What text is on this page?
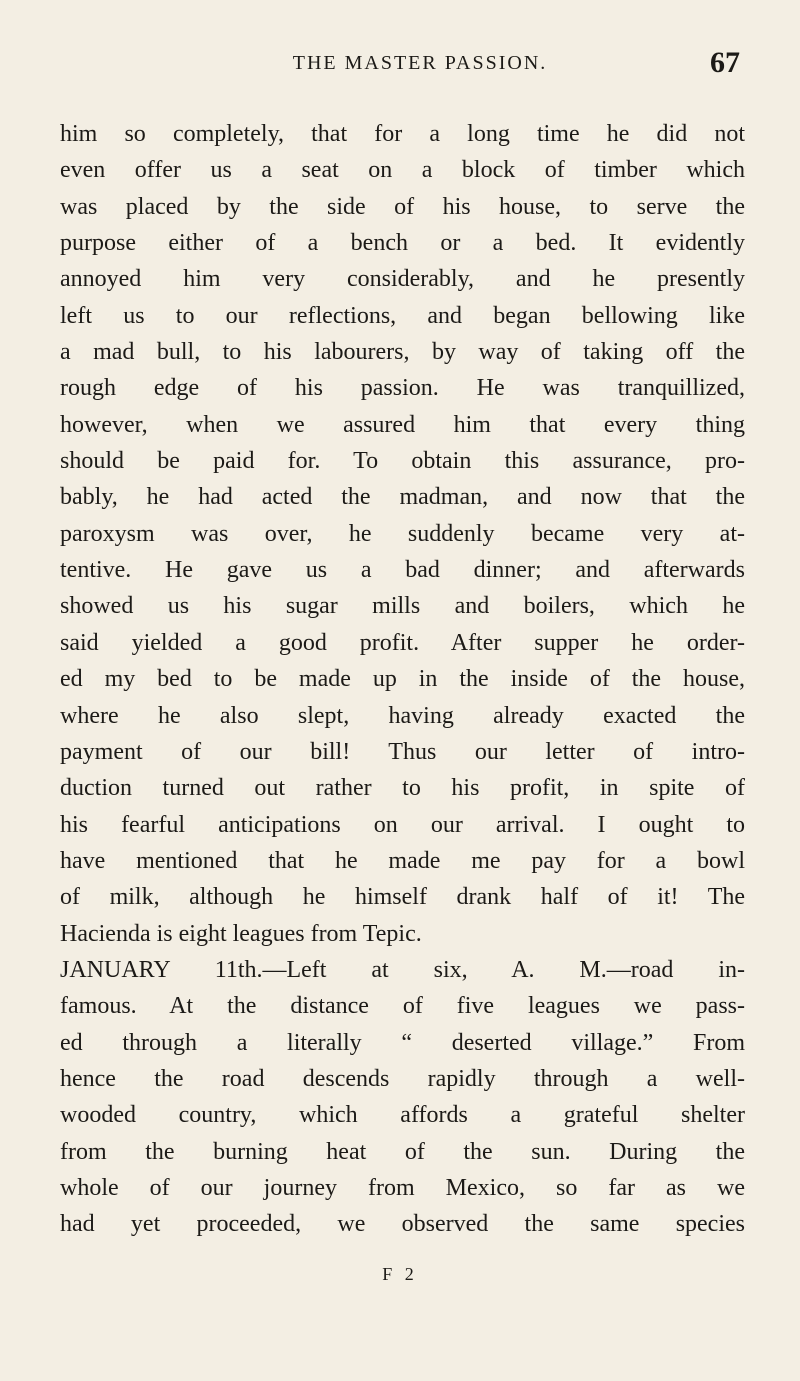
THE MASTER PASSION.	67
him so completely, that for a long time he did not
even offer us a seat on a block of timber which
was placed by the side of his house, to serve the
purpose either of a bench or a bed. It evidently
annoyed him very considerably, and he presently
left us to our reflections, and began bellowing like
a mad bull, to his labourers, by way of taking off the
rough edge of his passion. He was tranquillized,
however, when we assured him that every thing
should be paid for. To obtain this assurance, pro-
bably, he had acted the madman, and now that the
paroxysm was over, he suddenly became very at-
tentive. He gave us a bad dinner; and afterwards
showed us his sugar mills and boilers, which he
said yielded a good profit. After supper he order-
ed my bed to be made up in the inside of the house,
where he also slept, having already exacted the
payment of our bill! Thus our letter of intro-
duction turned out rather to his profit, in spite of
his fearful anticipations on our arrival. I ought to
have mentioned that he made me pay for a bowl
of milk, although he himself drank half of it! The
Hacienda is eight leagues from Tepic.
JANUARY 11th.—Left at six, A. M.—road in-
famous. At the distance of five leagues we pass-
ed through a literally “ deserted village.” From
hence the road descends rapidly through a well-
wooded country, which affords a grateful shelter
from the burning heat of the sun. During the
whole of our journey from Mexico, so far as we
had yet proceeded, we observed the same species
F 2
